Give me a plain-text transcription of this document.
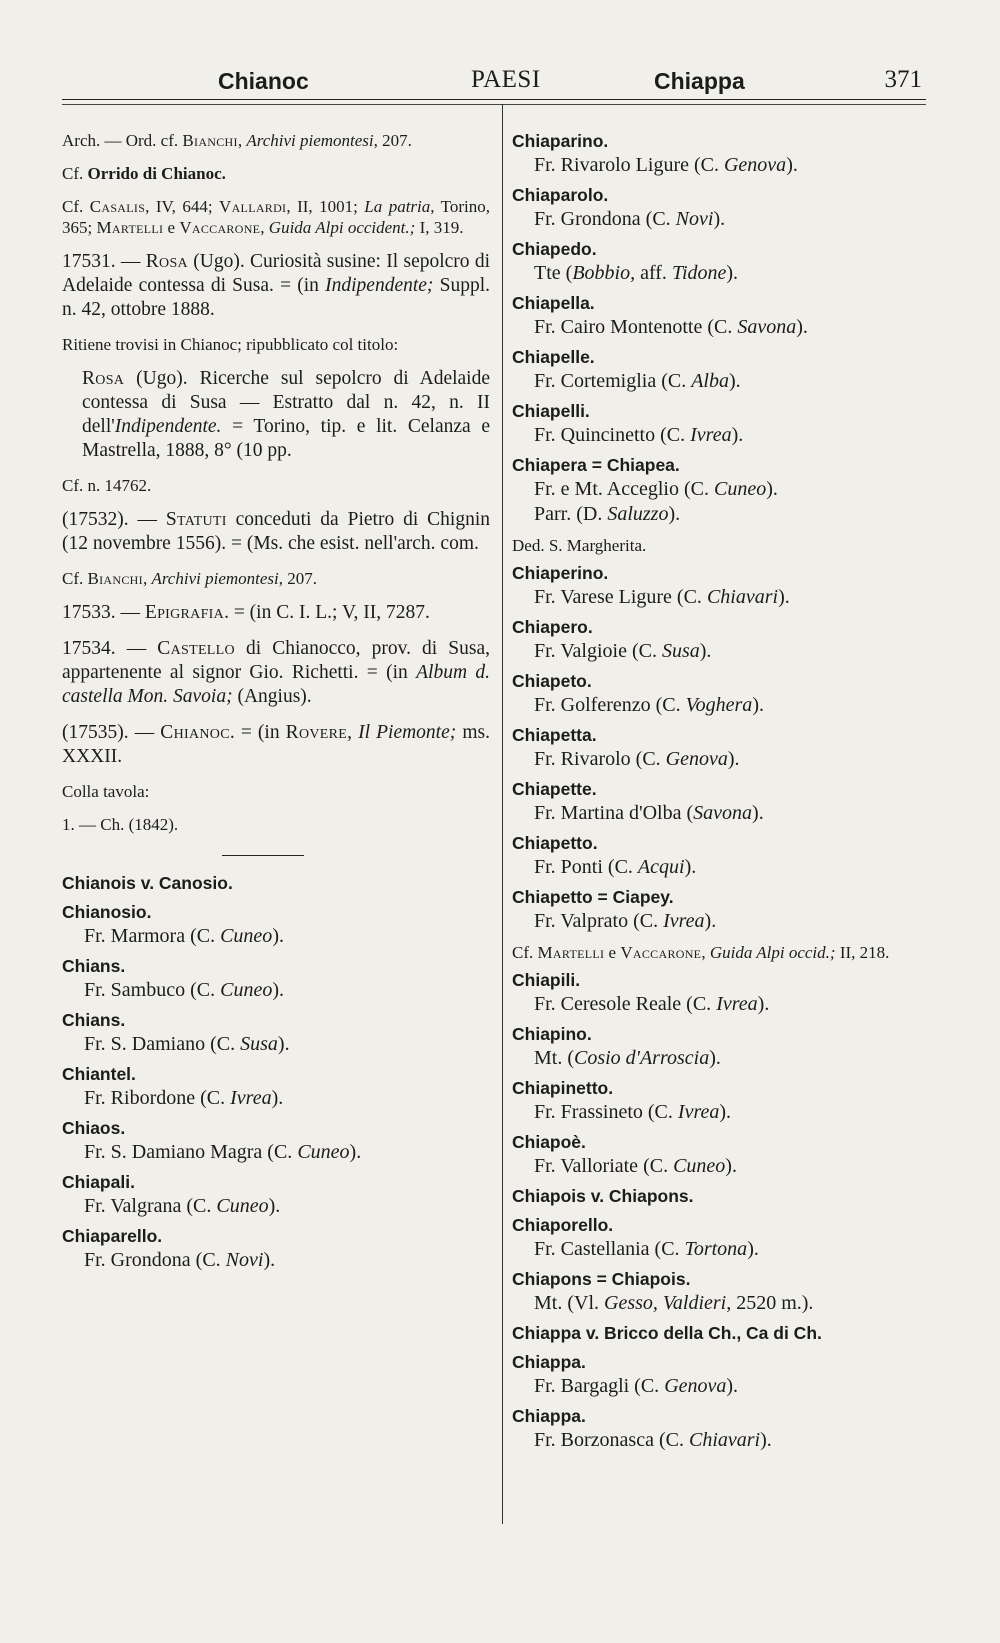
Chianoc	PAESI	Chiappa	371
Arch. — Ord. cf. Bianchi, Archivi piemontesi, 207.
Cf. Orrido di Chianoc.
Cf. Casalis, IV, 644; Vallardi, II, 1001; La patria, Torino, 365; Martelli e Vaccarone, Guida Alpi occident.; I, 319.
17531. — Rosa (Ugo). Curiosità susine: Il sepolcro di Adelaide contessa di Susa. = (in Indipendente; Suppl. n. 42, ottobre 1888.
Ritiene trovisi in Chianoc; ripubblicato col titolo:
Rosa (Ugo). Ricerche sul sepolcro di Adelaide contessa di Susa — Estratto dal n. 42, n. II dell'Indipendente. = Torino, tip. e lit. Celanza e Mastrella, 1888, 8° (10 pp.
Cf. n. 14762.
(17532). — Statuti conceduti da Pietro di Chignin (12 novembre 1556). = (Ms. che esist. nell'arch. com.
Cf. Bianchi, Archivi piemontesi, 207.
17533. — Epigrafia. = (in C. I. L.; V, II, 7287.
17534. — Castello di Chianocco, prov. di Susa, appartenente al signor Gio. Richetti. = (in Album d. castella Mon. Savoia; (Angius).
(17535). — Chianoc. = (in Rovere, Il Piemonte; ms. XXXII.
Colla tavola:
1. — Ch. (1842).
Chianois v. Canosio.
Chianosio.
Fr. Marmora (C. Cuneo).
Chians.
Fr. Sambuco (C. Cuneo).
Chians.
Fr. S. Damiano (C. Susa).
Chiantel.
Fr. Ribordone (C. Ivrea).
Chiaos.
Fr. S. Damiano Magra (C. Cuneo).
Chiapali.
Fr. Valgrana (C. Cuneo).
Chiaparello.
Fr. Grondona (C. Novi).
Chiaparino.
Fr. Rivarolo Ligure (C. Genova).
Chiaparolo.
Fr. Grondona (C. Novi).
Chiapedo.
Tte (Bobbio, aff. Tidone).
Chiapella.
Fr. Cairo Montenotte (C. Savona).
Chiapelle.
Fr. Cortemiglia (C. Alba).
Chiapelli.
Fr. Quincinetto (C. Ivrea).
Chiapera = Chiapea.
Fr. e Mt. Acceglio (C. Cuneo).
Parr. (D. Saluzzo).
Ded. S. Margherita.
Chiaperino.
Fr. Varese Ligure (C. Chiavari).
Chiapero.
Fr. Valgioie (C. Susa).
Chiapeto.
Fr. Golferenzo (C. Voghera).
Chiapetta.
Fr. Rivarolo (C. Genova).
Chiapette.
Fr. Martina d'Olba (Savona).
Chiapetto.
Fr. Ponti (C. Acqui).
Chiapetto = Ciapey.
Fr. Valprato (C. Ivrea).
Cf. Martelli e Vaccarone, Guida Alpi occid.; II, 218.
Chiapili.
Fr. Ceresole Reale (C. Ivrea).
Chiapino.
Mt. (Cosio d'Arroscia).
Chiapinetto.
Fr. Frassineto (C. Ivrea).
Chiapoè.
Fr. Valloriate (C. Cuneo).
Chiapois v. Chiapons.
Chiaporello.
Fr. Castellania (C. Tortona).
Chiapons = Chiapois.
Mt. (Vl. Gesso, Valdieri, 2520 m.).
Chiappa v. Bricco della Ch., Ca di Ch.
Chiappa.
Fr. Bargagli (C. Genova).
Chiappa.
Fr. Borzonasca (C. Chiavari).
